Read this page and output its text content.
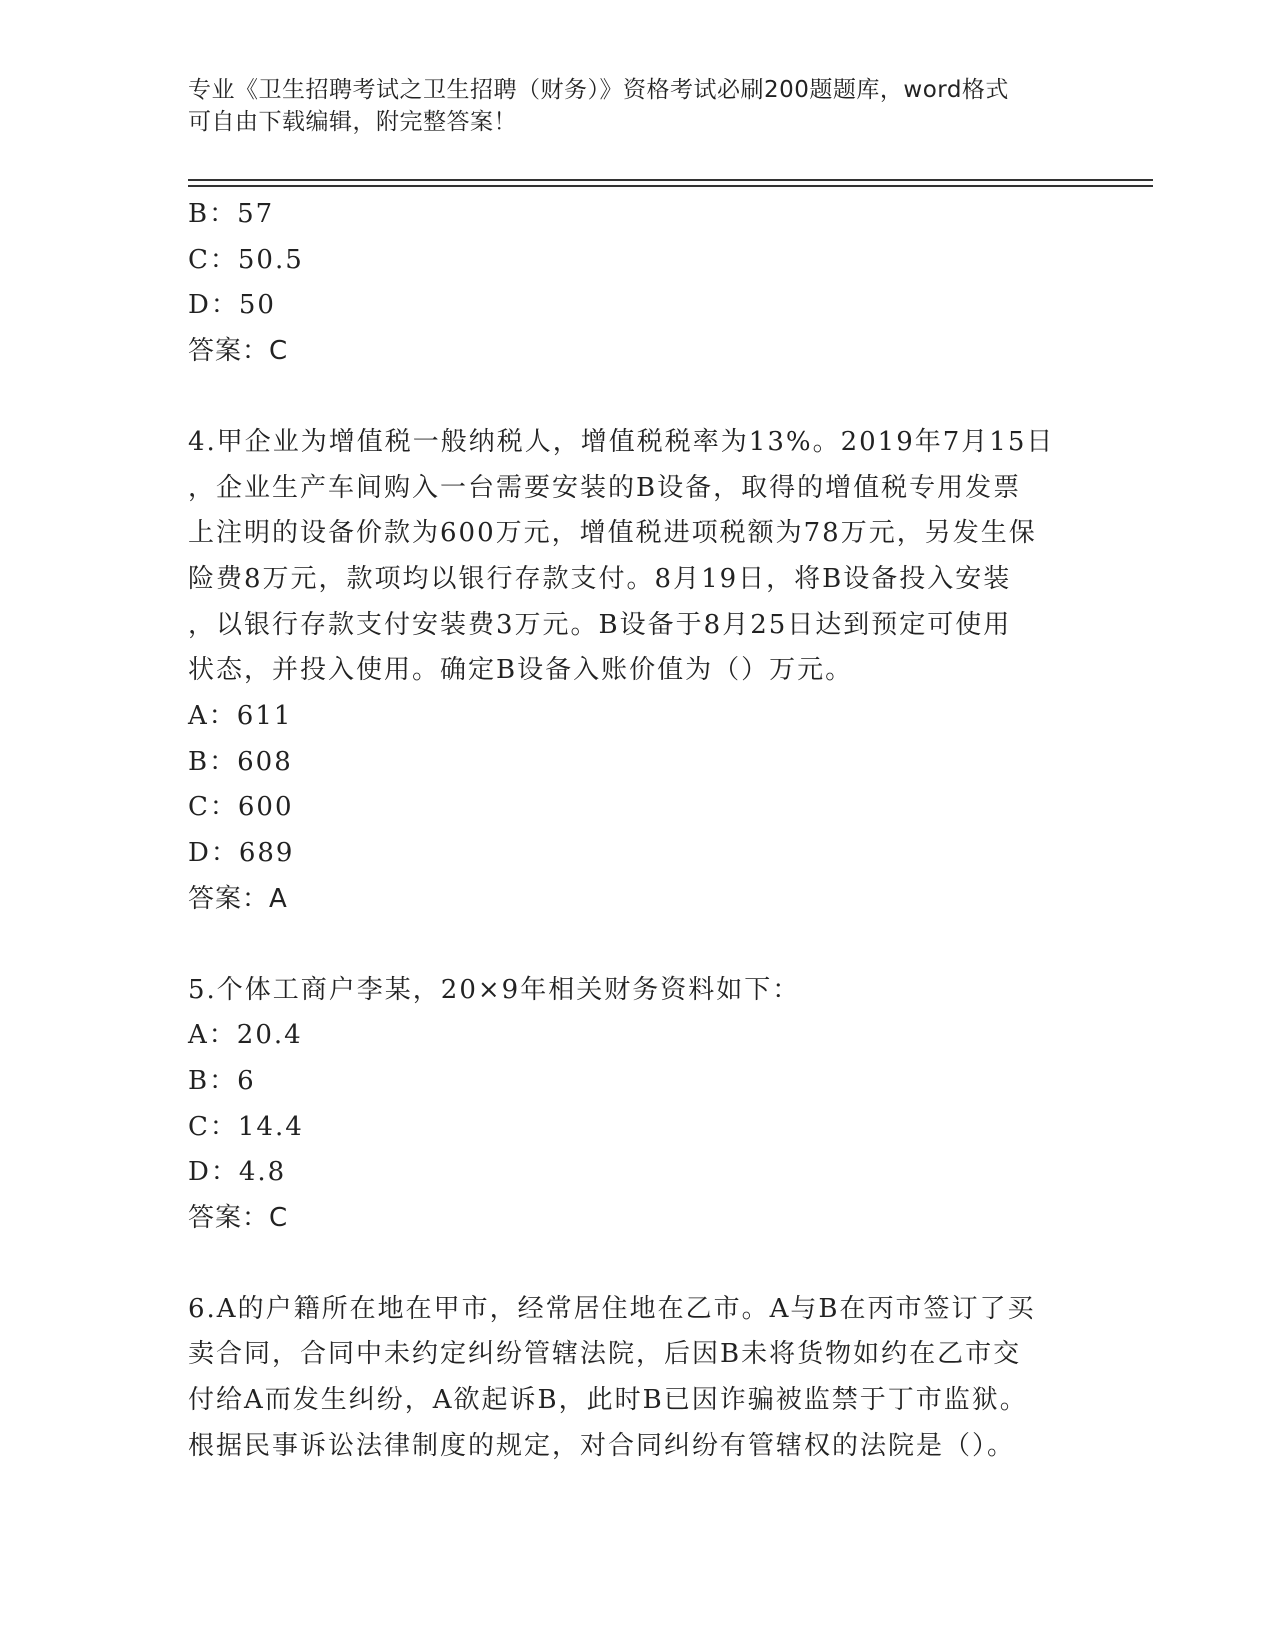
专业《卫生招聘考试之卫生招聘（财务）》资格考试必刷200题题库，word格式
可自由下载编辑，附完整答案！

B：57

C：50.5

D：50

答案：C

4.甲企业为增值税一般纳税人，增值税税率为13%。2019年7月15日

，企业生产车间购入一台需要安装的B设备，取得的增值税专用发票

上注明的设备价款为600万元，增值税进项税额为78万元，另发生保

险费8万元，款项均以银行存款支付。8月19日，将B设备投入安装

，以银行存款支付安装费3万元。B设备于8月25日达到预定可使用

状态，并投入使用。确定B设备入账价值为（）万元。

A：611

B：608

C：600

D：689

答案：A

5.个体工商户李某，20×9年相关财务资料如下：

A：20.4

B：6

C：14.4

D：4.8

答案：C

6.A的户籍所在地在甲市，经常居住地在乙市。A与B在丙市签订了买

卖合同，合同中未约定纠纷管辖法院，后因B未将货物如约在乙市交

付给A而发生纠纷，A欲起诉B，此时B已因诈骗被监禁于丁市监狱。

根据民事诉讼法律制度的规定，对合同纠纷有管辖权的法院是（）。
